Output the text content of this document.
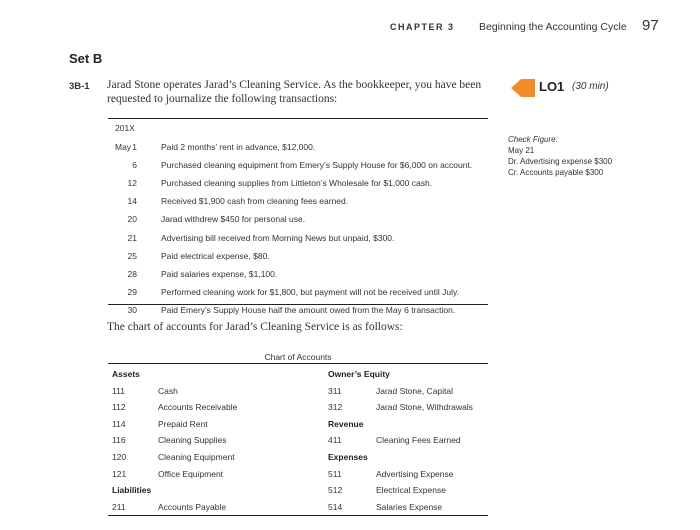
CHAPTER 3 Beginning the Accounting Cycle 97
Set B
3B-1 Jarad Stone operates Jarad’s Cleaning Service. As the bookkeeper, you have been requested to journalize the following transactions:
LO1 (30 min)
Check Figure:
May 21
Dr. Advertising expense $300
Cr. Accounts payable $300
201X
May 1	Paid 2 months’ rent in advance, $12,000.
6	Purchased cleaning equipment from Emery’s Supply House for $6,000 on account.
12	Purchased cleaning supplies from Littleton’s Wholesale for $1,000 cash.
14	Received $1,900 cash from cleaning fees earned.
20	Jarad withdrew $450 for personal use.
21	Advertising bill received from Morning News but unpaid, $300.
25	Paid electrical expense, $80.
28	Paid salaries expense, $1,100.
29	Performed cleaning work for $1,800, but payment will not be received until July.
30	Paid Emery’s Supply House half the amount owed from the May 6 transaction.
The chart of accounts for Jarad’s Cleaning Service is as follows:
Chart of Accounts
Assets
111	Cash
112	Accounts Receivable
114	Prepaid Rent
116	Cleaning Supplies
120	Cleaning Equipment
121	Office Equipment
Liabilities
211	Accounts Payable
Owner’s Equity
311	Jarad Stone, Capital
312	Jarad Stone, Withdrawals
Revenue
411	Cleaning Fees Earned
Expenses
511	Advertising Expense
512	Electrical Expense
514	Salaries Expense
